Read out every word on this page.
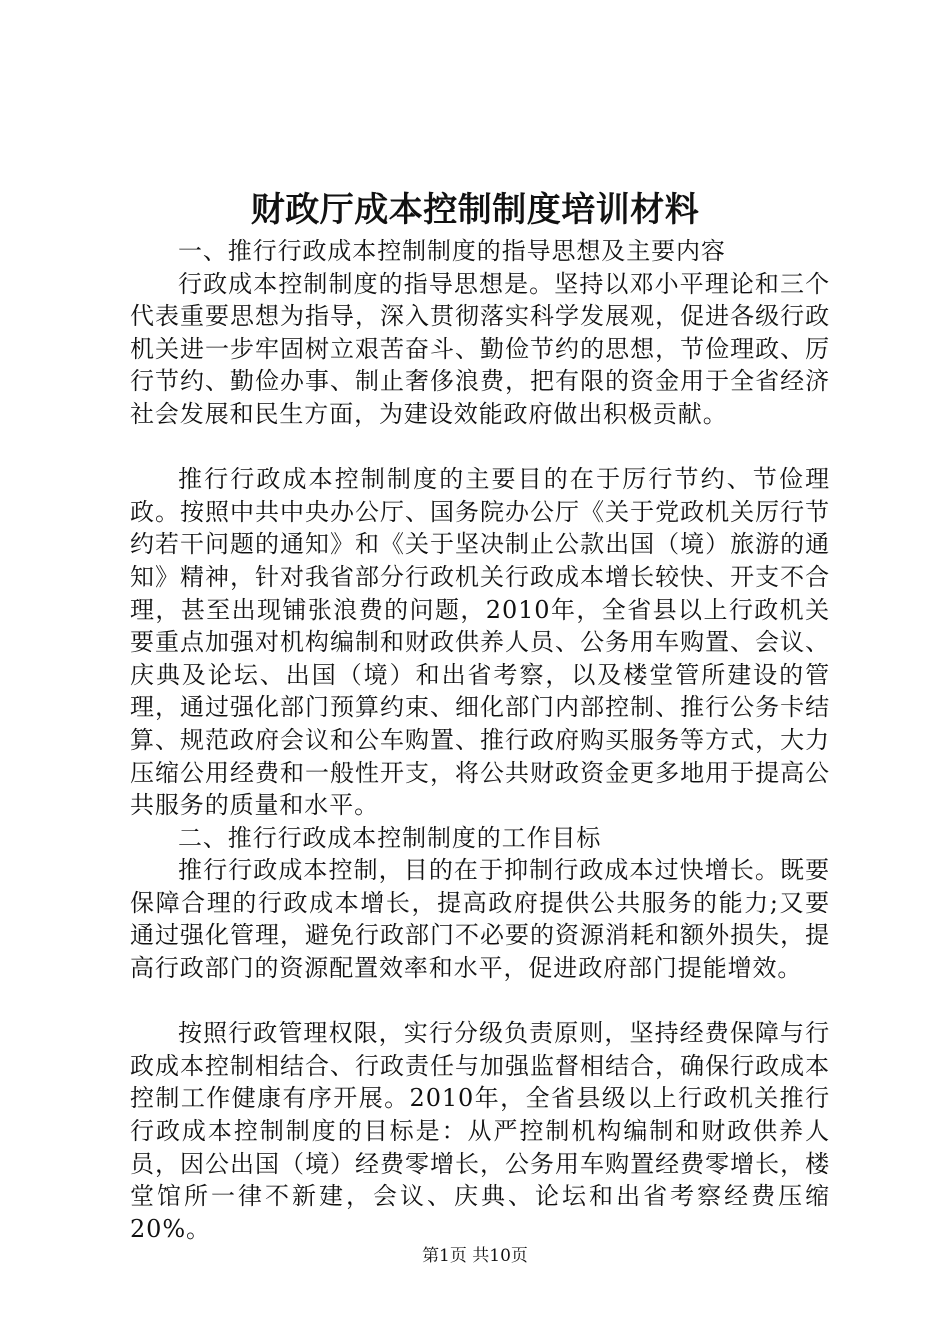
财政厅成本控制制度培训材料

一、推行行政成本控制制度的指导思想及主要内容

行政成本控制制度的指导思想是。坚持以邓小平理论和三个代表重要思想为指导，深入贯彻落实科学发展观，促进各级行政机关进一步牢固树立艰苦奋斗、勤俭节约的思想，节俭理政、厉行节约、勤俭办事、制止奢侈浪费，把有限的资金用于全省经济社会发展和民生方面，为建设效能政府做出积极贡献。

推行行政成本控制制度的主要目的在于厉行节约、节俭理政。按照中共中央办公厅、国务院办公厅《关于党政机关厉行节约若干问题的通知》和《关于坚决制止公款出国（境）旅游的通知》精神，针对我省部分行政机关行政成本增长较快、开支不合理，甚至出现铺张浪费的问题，2010年，全省县以上行政机关要重点加强对机构编制和财政供养人员、公务用车购置、会议、庆典及论坛、出国（境）和出省考察，以及楼堂管所建设的管理，通过强化部门预算约束、细化部门内部控制、推行公务卡结算、规范政府会议和公车购置、推行政府购买服务等方式，大力压缩公用经费和一般性开支，将公共财政资金更多地用于提高公共服务的质量和水平。

二、推行行政成本控制制度的工作目标

推行行政成本控制，目的在于抑制行政成本过快增长。既要保障合理的行政成本增长，提高政府提供公共服务的能力;又要通过强化管理，避免行政部门不必要的资源消耗和额外损失，提高行政部门的资源配置效率和水平，促进政府部门提能增效。

按照行政管理权限，实行分级负责原则，坚持经费保障与行政成本控制相结合、行政责任与加强监督相结合，确保行政成本控制工作健康有序开展。2010年，全省县级以上行政机关推行行政成本控制制度的目标是：从严控制机构编制和财政供养人员，因公出国（境）经费零增长，公务用车购置经费零增长，楼堂馆所一律不新建，会议、庆典、论坛和出省考察经费压缩20%。

第1页 共10页
